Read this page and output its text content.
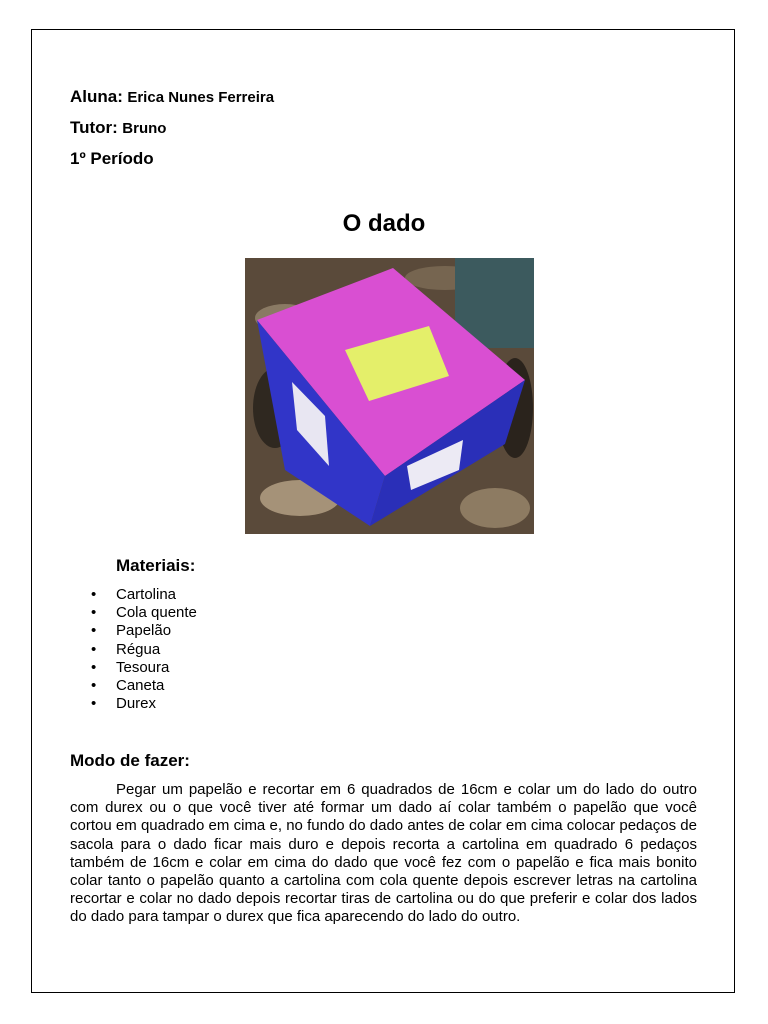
Aluna: Erica Nunes Ferreira
Tutor: Bruno
1º Período
O dado
Materiais:
• Cartolina
• Cola quente
• Papelão
• Régua
• Tesoura
• Caneta
• Durex
Modo de fazer:

Pegar um papelão e recortar em 6 quadrados de 16cm e colar um do lado do outro com durex ou o que você tiver até formar um dado aí colar também o papelão que você cortou em quadrado em cima e, no fundo do dado antes de colar em cima colocar pedaços de sacola para o dado ficar mais duro e depois recorta a cartolina em quadrado 6 pedaços também de 16cm e colar em cima do dado que você fez com o papelão e fica mais bonito colar tanto o papelão quanto a cartolina com cola quente depois escrever letras na cartolina recortar e colar no dado depois recortar tiras de cartolina ou do que preferir e colar dos lados do dado para tampar o durex que fica aparecendo do lado do outro.
